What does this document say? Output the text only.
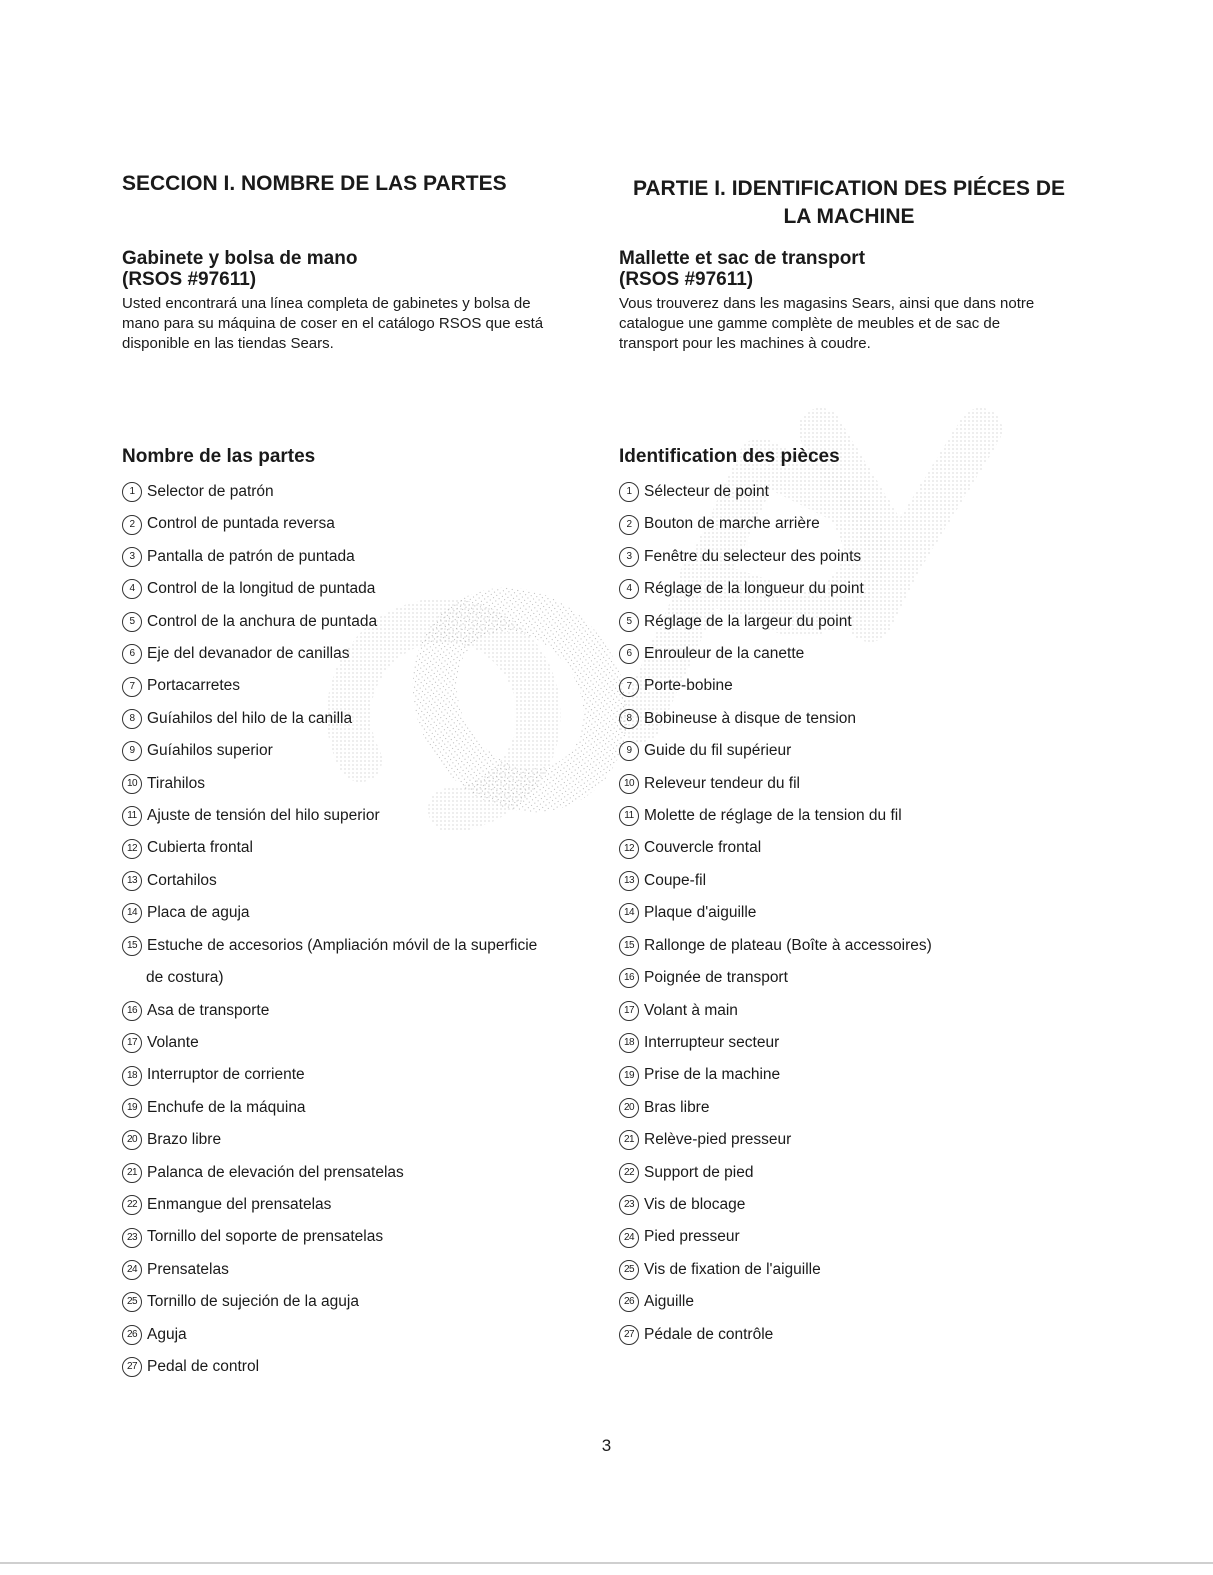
SECCION I. NOMBRE DE LAS PARTES
Gabinete y bolsa de mano
(RSOS #97611)
Usted encontrará una línea completa de gabinetes y bolsa de
mano para su máquina de coser en el catálogo RSOS que está
disponible en las tiendas Sears.
Nombre de las partes
1 Selector de patrón
2 Control de puntada reversa
3 Pantalla de patrón de puntada
4 Control de la longitud de puntada
5 Control de la anchura de puntada
6 Eje del devanador de canillas
7 Portacarretes
8 Guíahilos del hilo de la canilla
9 Guíahilos superior
10 Tirahilos
11 Ajuste de tensión del hilo superior
12 Cubierta frontal
13 Cortahilos
14 Placa de aguja
15 Estuche de accesorios (Ampliación móvil de la superficie
de costura)
16 Asa de transporte
17 Volante
18 Interruptor de corriente
19 Enchufe de la máquina
20 Brazo libre
21 Palanca de elevación del prensatelas
22 Enmangue del prensatelas
23 Tornillo del soporte de prensatelas
24 Prensatelas
25 Tornillo de sujeción de la aguja
26 Aguja
27 Pedal de control
PARTIE I. IDENTIFICATION DES PIÉCES DE
LA MACHINE
Mallette et sac de transport
(RSOS #97611)
Vous trouverez dans les magasins Sears, ainsi que dans notre
catalogue une gamme complète de meubles et de sac de
transport pour les machines à coudre.
Identification des pièces
1 Sélecteur de point
2 Bouton de marche arrière
3 Fenêtre du selecteur des points
4 Réglage de la longueur du point
5 Réglage de la largeur du point
6 Enrouleur de la canette
7 Porte-bobine
8 Bobineuse à disque de tension
9 Guide du fil supérieur
10 Releveur tendeur du fil
11 Molette de réglage de la tension du fil
12 Couvercle frontal
13 Coupe-fil
14 Plaque d'aiguille
15 Rallonge de plateau (Boîte à accessoires)
16 Poignée de transport
17 Volant à main
18 Interrupteur secteur
19 Prise de la machine
20 Bras libre
21 Relève-pied presseur
22 Support de pied
23 Vis de blocage
24 Pied presseur
25 Vis de fixation de l'aiguille
26 Aiguille
27 Pédale de contrôle
3
